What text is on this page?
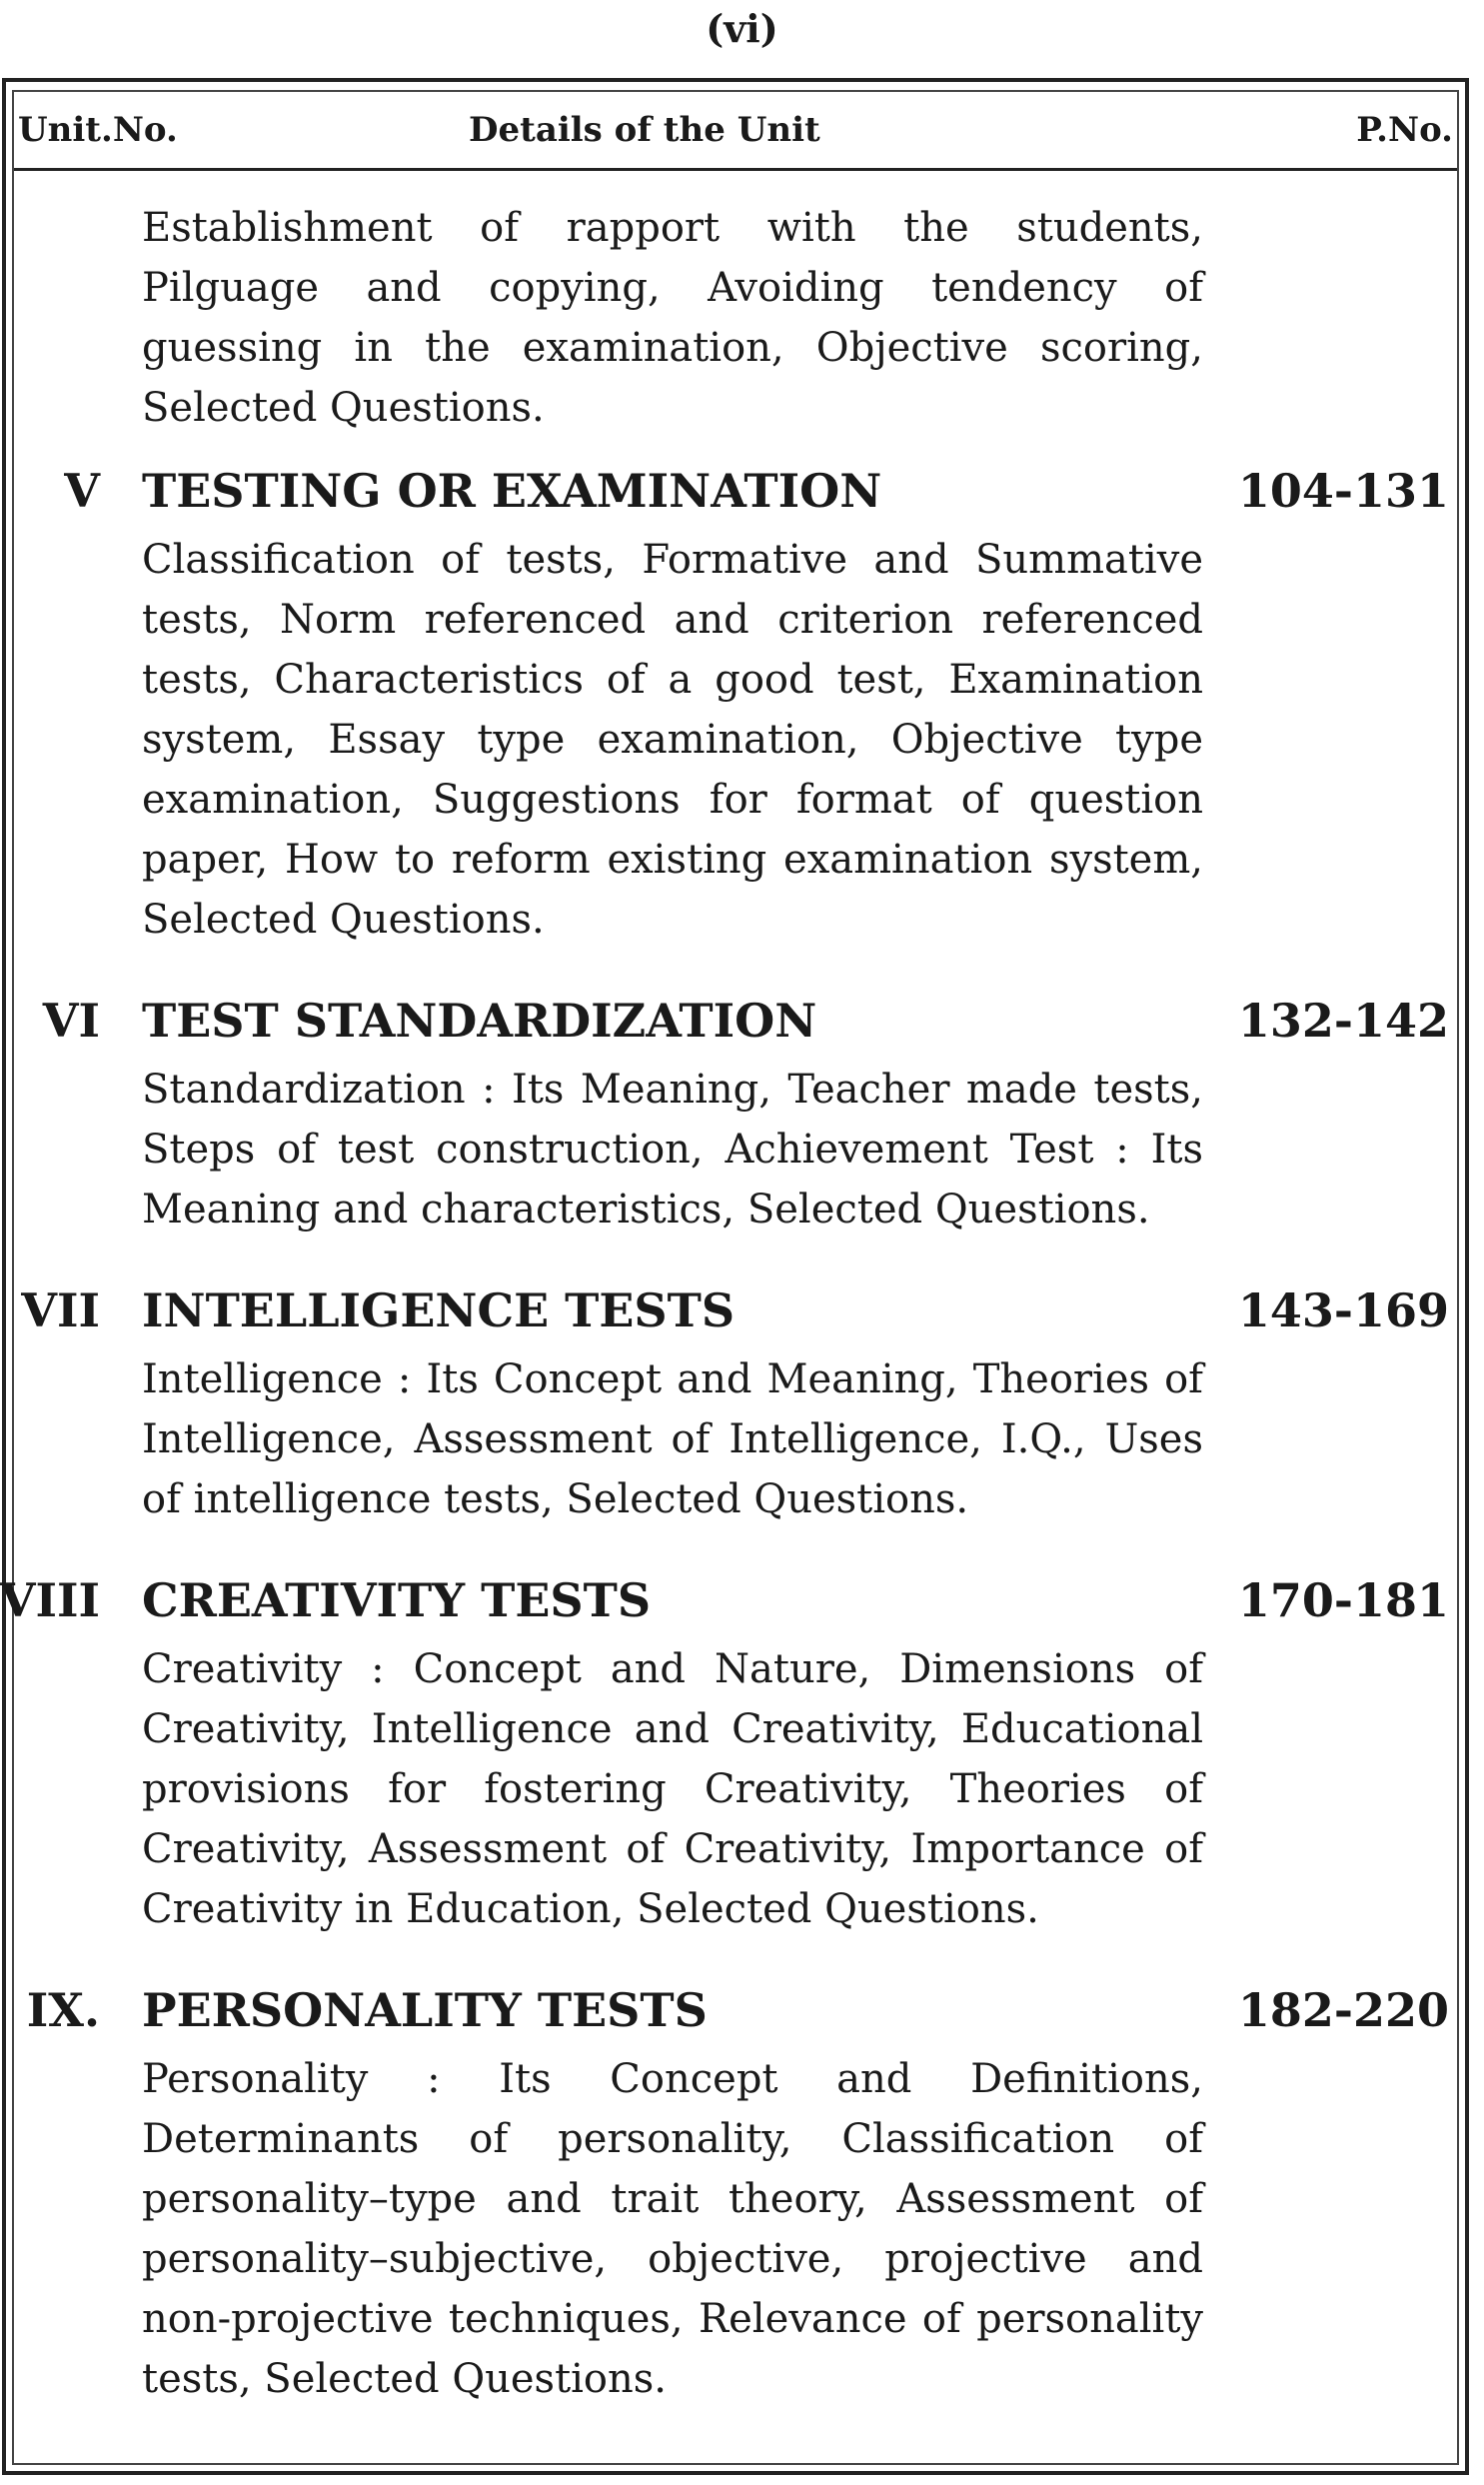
(vi)
Unit.No.	Details of the Unit	P.No.
Establishment of rapport with the students, Pilguage and copying, Avoiding tendency of guessing in the examination, Objective scoring, Selected Questions.
V TESTING OR EXAMINATION	104-131
Classification of tests, Formative and Summative tests, Norm referenced and criterion referenced tests, Characteristics of a good test, Examination system, Essay type examination, Objective type examination, Suggestions for format of question paper, How to reform existing examination system, Selected Questions.
VI TEST STANDARDIZATION	132-142
Standardization : Its Meaning, Teacher made tests, Steps of test construction, Achievement Test : Its Meaning and characteristics, Selected Questions.
VII INTELLIGENCE TESTS	143-169
Intelligence : Its Concept and Meaning, Theories of Intelligence, Assessment of Intelligence, I.Q., Uses of intelligence tests, Selected Questions.
VIII CREATIVITY TESTS	170-181
Creativity : Concept and Nature, Dimensions of Creativity, Intelligence and Creativity, Educational provisions for fostering Creativity, Theories of Creativity, Assessment of Creativity, Importance of Creativity in Education, Selected Questions.
IX. PERSONALITY TESTS	182-220
Personality : Its Concept and Definitions, Determinants of personality, Classification of personality–type and trait theory, Assessment of personality–subjective, objective, projective and non-projective techniques, Relevance of personality tests, Selected Questions.
